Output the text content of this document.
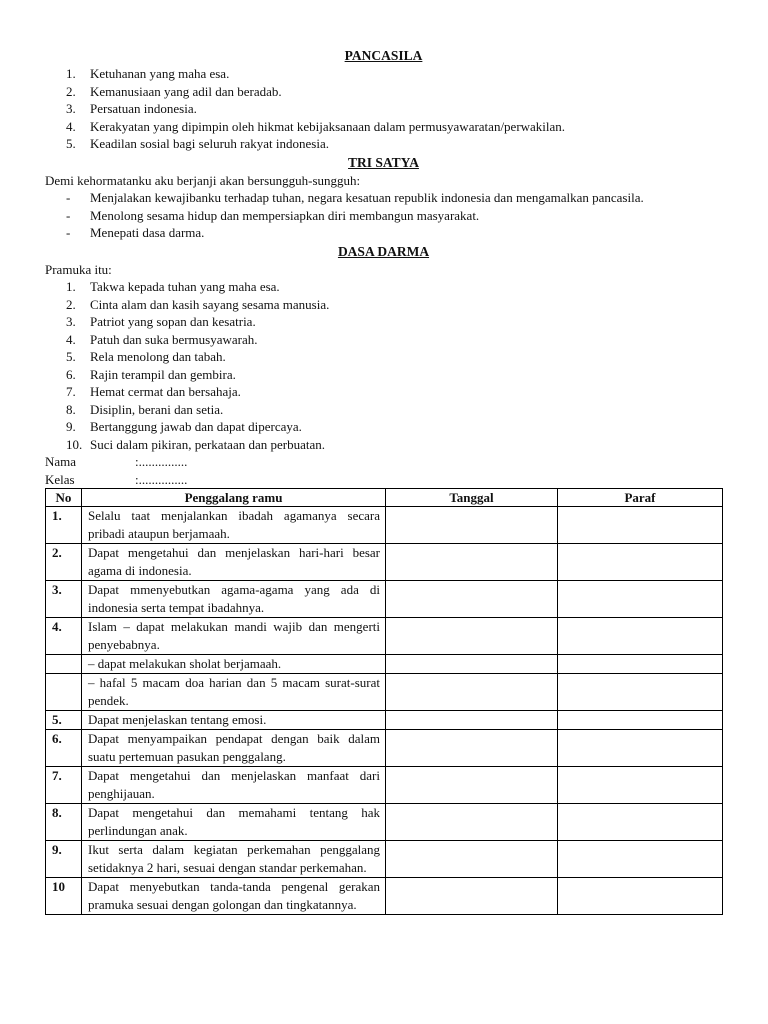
PANCASILA
1.	Ketuhanan yang maha esa.
2.	Kemanusiaan yang adil dan beradab.
3.	Persatuan indonesia.
4.	Kerakyatan yang dipimpin oleh hikmat kebijaksanaan dalam permusyawaratan/perwakilan.
5.	Keadilan sosial bagi seluruh rakyat indonesia.
TRI SATYA

Demi kehormatanku aku berjanji akan bersungguh-sungguh:

- Menjalakan kewajibanku terhadap tuhan, negara kesatuan republik indonesia dan mengamalkan pancasila.
- Menolong sesama hidup dan mempersiapkan diri membangun masyarakat.
- Menepati dasa darma.
DASA DARMA

Pramuka itu:

1.	Takwa kepada tuhan yang maha esa.
2.	Cinta alam dan kasih sayang sesama manusia.
3.	Patriot yang sopan dan kesatria.
4.	Patuh dan suka bermusyawarah.
5.	Rela menolong dan tabah.
6.	Rajin terampil dan gembira.
7.	Hemat cermat dan bersahaja.
8.	Disiplin, berani dan setia.
9.	Bertanggung jawab dan dapat dipercaya.
10. Suci dalam pikiran, perkataan dan perbuatan.
Nama	:...............
Kelas	:...............
No	Penggalang ramu	Tanggal	Paraf
1.	Selalu taat menjalankan ibadah agamanya secara pribadi ataupun berjamaah.		
2.	Dapat mengetahui dan menjelaskan hari-hari besar agama di indonesia.		
3.	Dapat mmenyebutkan agama-agama yang ada di indonesia serta tempat ibadahnya.		
4.	Islam – dapat melakukan mandi wajib dan mengerti penyebabnya.		
	– dapat melakukan sholat berjamaah.		
	– hafal 5 macam doa harian dan 5 macam surat-surat pendek.		
5.	Dapat menjelaskan tentang emosi.		
6.	Dapat menyampaikan pendapat dengan baik dalam suatu pertemuan pasukan penggalang.		
7.	Dapat mengetahui dan menjelaskan manfaat dari penghijauan.		
8.	Dapat mengetahui dan memahami tentang hak perlindungan anak.		
9.	Ikut serta dalam kegiatan perkemahan penggalang setidaknya 2 hari, sesuai dengan standar perkemahan.		
10	Dapat menyebutkan tanda-tanda pengenal gerakan pramuka sesuai dengan golongan dan tingkatannya.		
